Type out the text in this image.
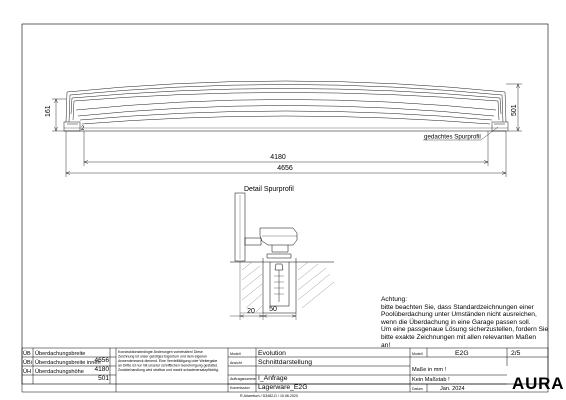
161	501
2
gedachtes Spurprofil
4180
4656
Detail Spurprofil
20 50
ÜB Überdachungsbreite
4656
ÜBi Überdachungsbreite innen
4180
ÜH Überdachungshöhe
501
Konstruktionsbedingte Änderungen vorbehalten! Diese
Zeichnung ist unser geistiges Eigentum und dem eigenen
Anwenderzweck dienend. Eine Vervielfältigung oder Weitergabe
an Dritte ist nur mit unserer schriftlichen Genehmigung gestattet.
Zuwiderhandlung wird strafbar und macht schadenersatzpflichtig.
Modell	Evolution
Ansicht Schnittdarstellung
Auftragsnummer I_Anfrage
Kommission Lagerware_E2G
Modell	E2G	2/5
Maße in mm !
Kein Maßstab !
Datum	Jan. 2024	AURA
R.Arlamtsch / D3482-D / 10.06.2020
Achtung:
bitte beachten Sie, dass Standardzeichnungen einer
Poolüberdachung unter Umständen nicht ausreichen,
wenn die Überdachung in eine Garage passen soll.
Um eine passgenaue Lösung sicherzustellen, fordern Sie
bitte exakte Zeichnungen mit allen relevanten Maßen
an!
